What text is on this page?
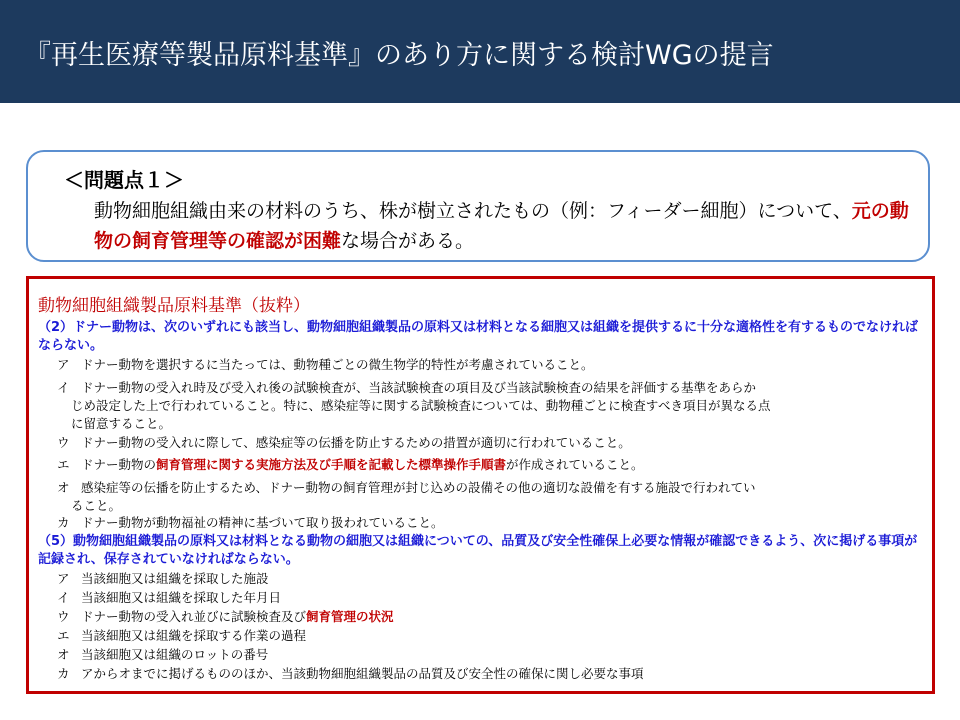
『再生医療等製品原料基準』のあり方に関する検討WGの提言
＜問題点１＞
動物細胞組織由来の材料のうち、株が樹立されたもの（例：フィーダー細胞）について、元の動物の飼育管理等の確認が困難な場合がある。
動物細胞組織製品原料基準（抜粋）
（2）ドナー動物は、次のいずれにも該当し、動物細胞組織製品の原料又は材料となる細胞又は組織を提供するに十分な適格性を有するものでなければならない。
ア ドナー動物を選択するに当たっては、動物種ごとの微生物学的特性が考慮されていること。
イ ドナー動物の受入れ時及び受入れ後の試験検査が、当該試験検査の項目及び当該試験検査の結果を評価する基準をあらか
じめ設定した上で行われていること。特に、感染症等に関する試験検査については、動物種ごとに検査すべき項目が異なる点
に留意すること。
ウ ドナー動物の受入れに際して、感染症等の伝播を防止するための措置が適切に行われていること。
エ ドナー動物の飼育管理に関する実施方法及び手順を記載した標準操作手順書が作成されていること。
オ 感染症等の伝播を防止するため、ドナー動物の飼育管理が封じ込めの設備その他の適切な設備を有する施設で行われてい
ること。
カ ドナー動物が動物福祉の精神に基づいて取り扱われていること。
（5）動物細胞組織製品の原料又は材料となる動物の細胞又は組織についての、品質及び安全性確保上必要な情報が確認できるよう、次に掲げる事項が記録され、保存されていなければならない。
ア 当該細胞又は組織を採取した施設
イ 当該細胞又は組織を採取した年月日
ウ ドナー動物の受入れ並びに試験検査及び飼育管理の状況
エ 当該細胞又は組織を採取する作業の過程
オ 当該細胞又は組織のロットの番号
カ アからオまでに掲げるもののほか、当該動物細胞組織製品の品質及び安全性の確保に関し必要な事項
